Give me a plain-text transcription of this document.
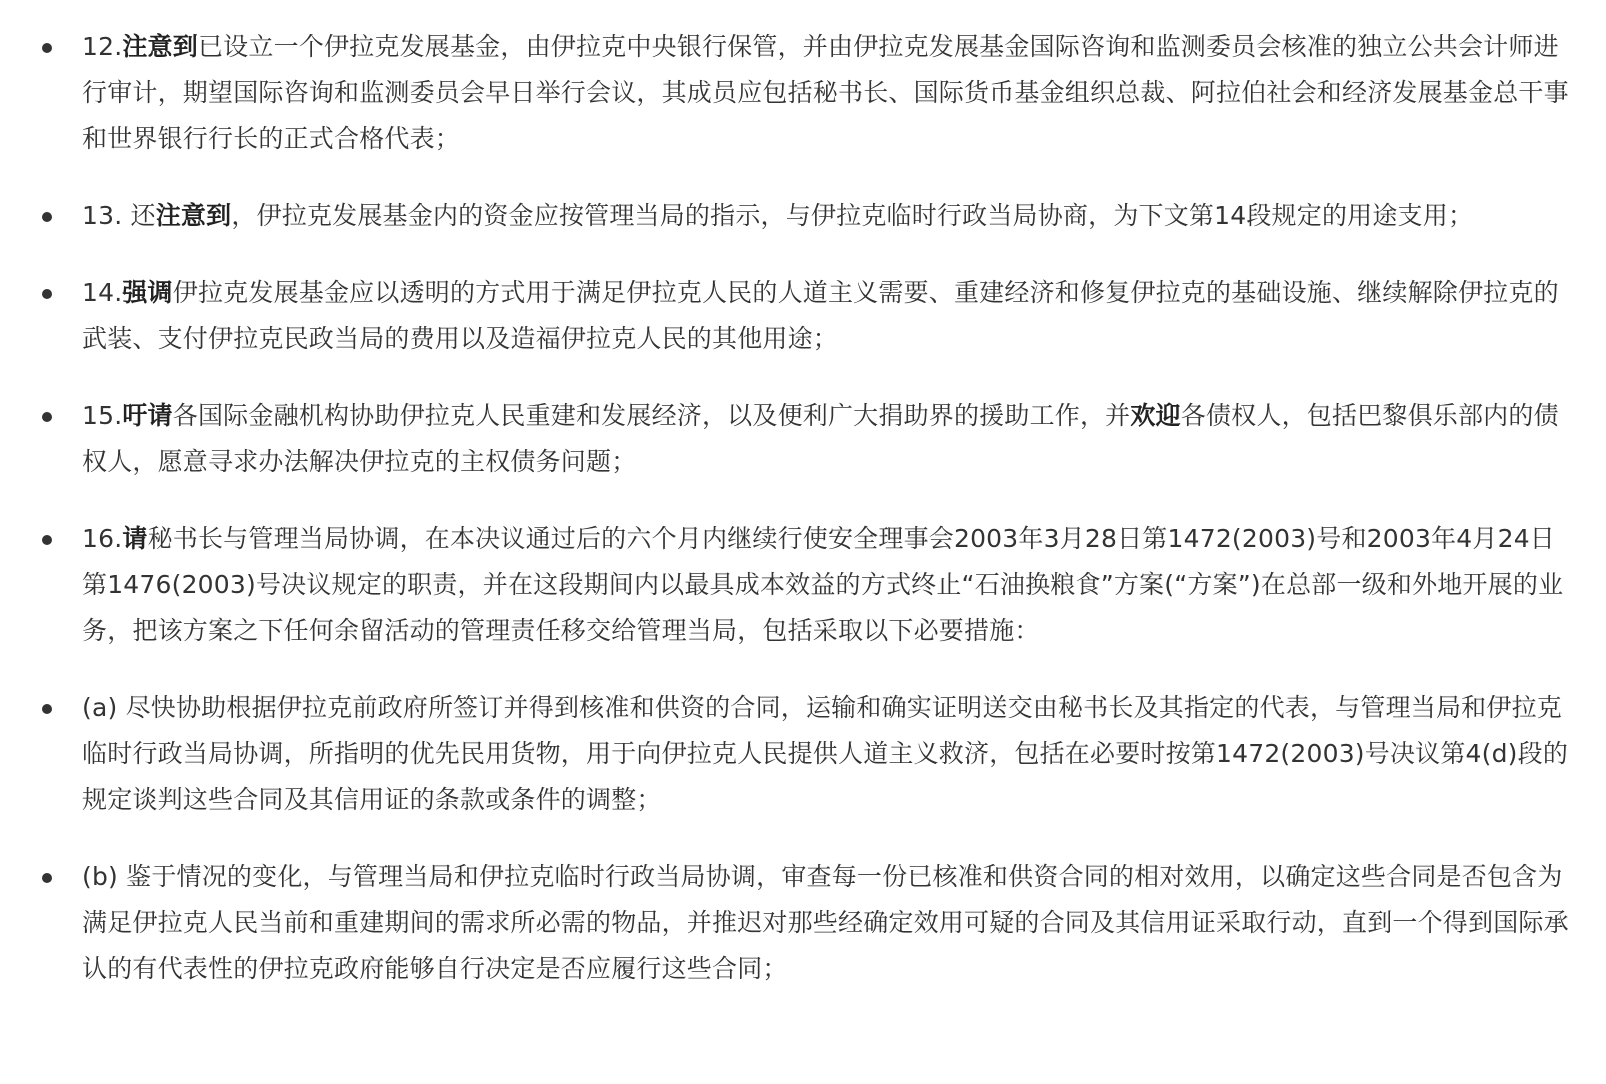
12.注意到已设立一个伊拉克发展基金，由伊拉克中央银行保管，并由伊拉克发展基金国际咨询和监测委员会核准的独立公共会计师进行审计，期望国际咨询和监测委员会早日举行会议，其成员应包括秘书长、国际货币基金组织总裁、阿拉伯社会和经济发展基金总干事和世界银行行长的正式合格代表；
13. 还注意到，伊拉克发展基金内的资金应按管理当局的指示，与伊拉克临时行政当局协商，为下文第14段规定的用途支用；
14.强调伊拉克发展基金应以透明的方式用于满足伊拉克人民的人道主义需要、重建经济和修复伊拉克的基础设施、继续解除伊拉克的武装、支付伊拉克民政当局的费用以及造福伊拉克人民的其他用途；
15.吁请各国际金融机构协助伊拉克人民重建和发展经济，以及便利广大捐助界的援助工作，并欢迎各债权人，包括巴黎俱乐部内的债权人，愿意寻求办法解决伊拉克的主权债务问题；
16.请秘书长与管理当局协调，在本决议通过后的六个月内继续行使安全理事会2003年3月28日第1472(2003)号和2003年4月24日第1476(2003)号决议规定的职责，并在这段期间内以最具成本效益的方式终止“石油换粮食”方案(“方案”)在总部一级和外地开展的业务，把该方案之下任何余留活动的管理责任移交给管理当局，包括采取以下必要措施：
(a) 尽快协助根据伊拉克前政府所签订并得到核准和供资的合同，运输和确实证明送交由秘书长及其指定的代表，与管理当局和伊拉克临时行政当局协调，所指明的优先民用货物，用于向伊拉克人民提供人道主义救济，包括在必要时按第1472(2003)号决议第4(d)段的规定谈判这些合同及其信用证的条款或条件的调整；
(b) 鉴于情况的变化，与管理当局和伊拉克临时行政当局协调，审查每一份已核准和供资合同的相对效用，以确定这些合同是否包含为满足伊拉克人民当前和重建期间的需求所必需的物品，并推迟对那些经确定效用可疑的合同及其信用证采取行动，直到一个得到国际承认的有代表性的伊拉克政府能够自行决定是否应履行这些合同；
